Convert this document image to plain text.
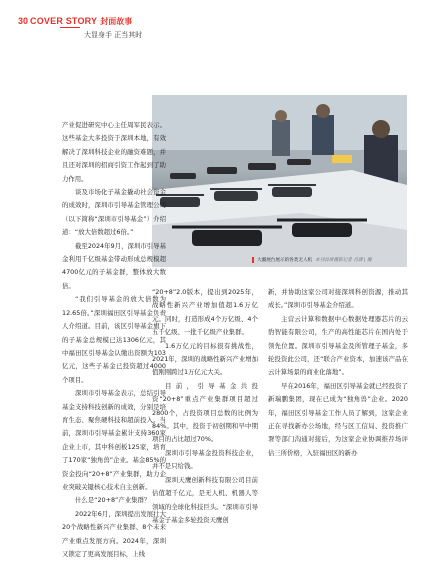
30 COVER STORY 封面故事
大显身手 正当其时
大疆展台展示的各类无人机 本刊首席摄影记者 肖潇 | 摄

产业促进研究中心主任周军民表示。这些基金大多投资于深圳本地，有效解决了深圳科技企业的融资难题，并且还对深圳的招商引资工作起到了助力作用。

谈及市场化子基金撬动社会资金的成效时，深圳市引导基金管理公司（以下简称“深圳市引导基金”）介绍道：“放大倍数超过6倍。”

截至2024年9月，深圳市引导基金利用千亿级基金带动形成总规模超4700亿元的子基金群，整体放大数倍。

“我们引导基金的放大倍数为12.65倍。”深圳福田区引导基金负责人介绍道。目前，该区引导基金旗下的子基金总规模已达1306亿元，其中福田区引导基金认缴出资额为103亿元，这些子基金已投资超过4000个项目。

深圳市引导基金表示，总结引导基金支持科技创新的成效，分别是培育生态、聚焦硬科技和超前投入。当前，深圳市引导基金累计支持360家企业上市，其中科创板125家，培育了170家“独角兽”企业。基金85%的资金投向“20+8”产业集群，助力企业突破关键核心技术自主创新。

什么是“20+8”产业集群？

2022年6月，深圳提出发展壮大20个战略性新兴产业集群、8个未来产业重点发展方向。2024年，深圳又锁定了更高发展目标，上线

“20+8”2.0版本，提出到2025年，战略性新兴产业增加值超1.6万亿元。同时，打造形成4个万亿级、4个五千亿级、一批千亿级产业集群。

1.6万亿元的目标很有挑战性，2021年，深圳的战略性新兴产业增加值刚刚跨过1万亿元大关。

目前，引导基金共投资“20+8”重点产业集群项目超过2800个，占投资项目总数的比例为84%。其中，投资于初创期和早中期项目的占比超过70%。

深圳市引导基金投资科技企业，并不是只给钱。

深圳天鹰创新科技有限公司目前估值超千亿元，是无人机、机器人等领域的全球化科技巨头。“深圳市引导基金子基金多轮投资天鹰创

新，并协助这家公司对接深圳科创资源，推动其成长。”深圳市引导基金介绍道。

主营云计算和数据中心数据处理器芯片的云豹智能有限公司，生产的高性能芯片在国内处于领先位置。深圳市引导基金及所管理子基金，多轮投资此公司，还“联合产业资本，加速该产品在云计算场景的商业化落地”。

早在2016年，福田区引导基金就已经投资了新瑞鹏集团，现在已成为“独角兽”企业。2020年，福田区引导基金工作人员了解到，这家企业正在寻找新办公场地，经与区工信局、投资推广署等部门沟通对接后，为这家企业协调推荐场评估三所价格，入驻福田区的新办
